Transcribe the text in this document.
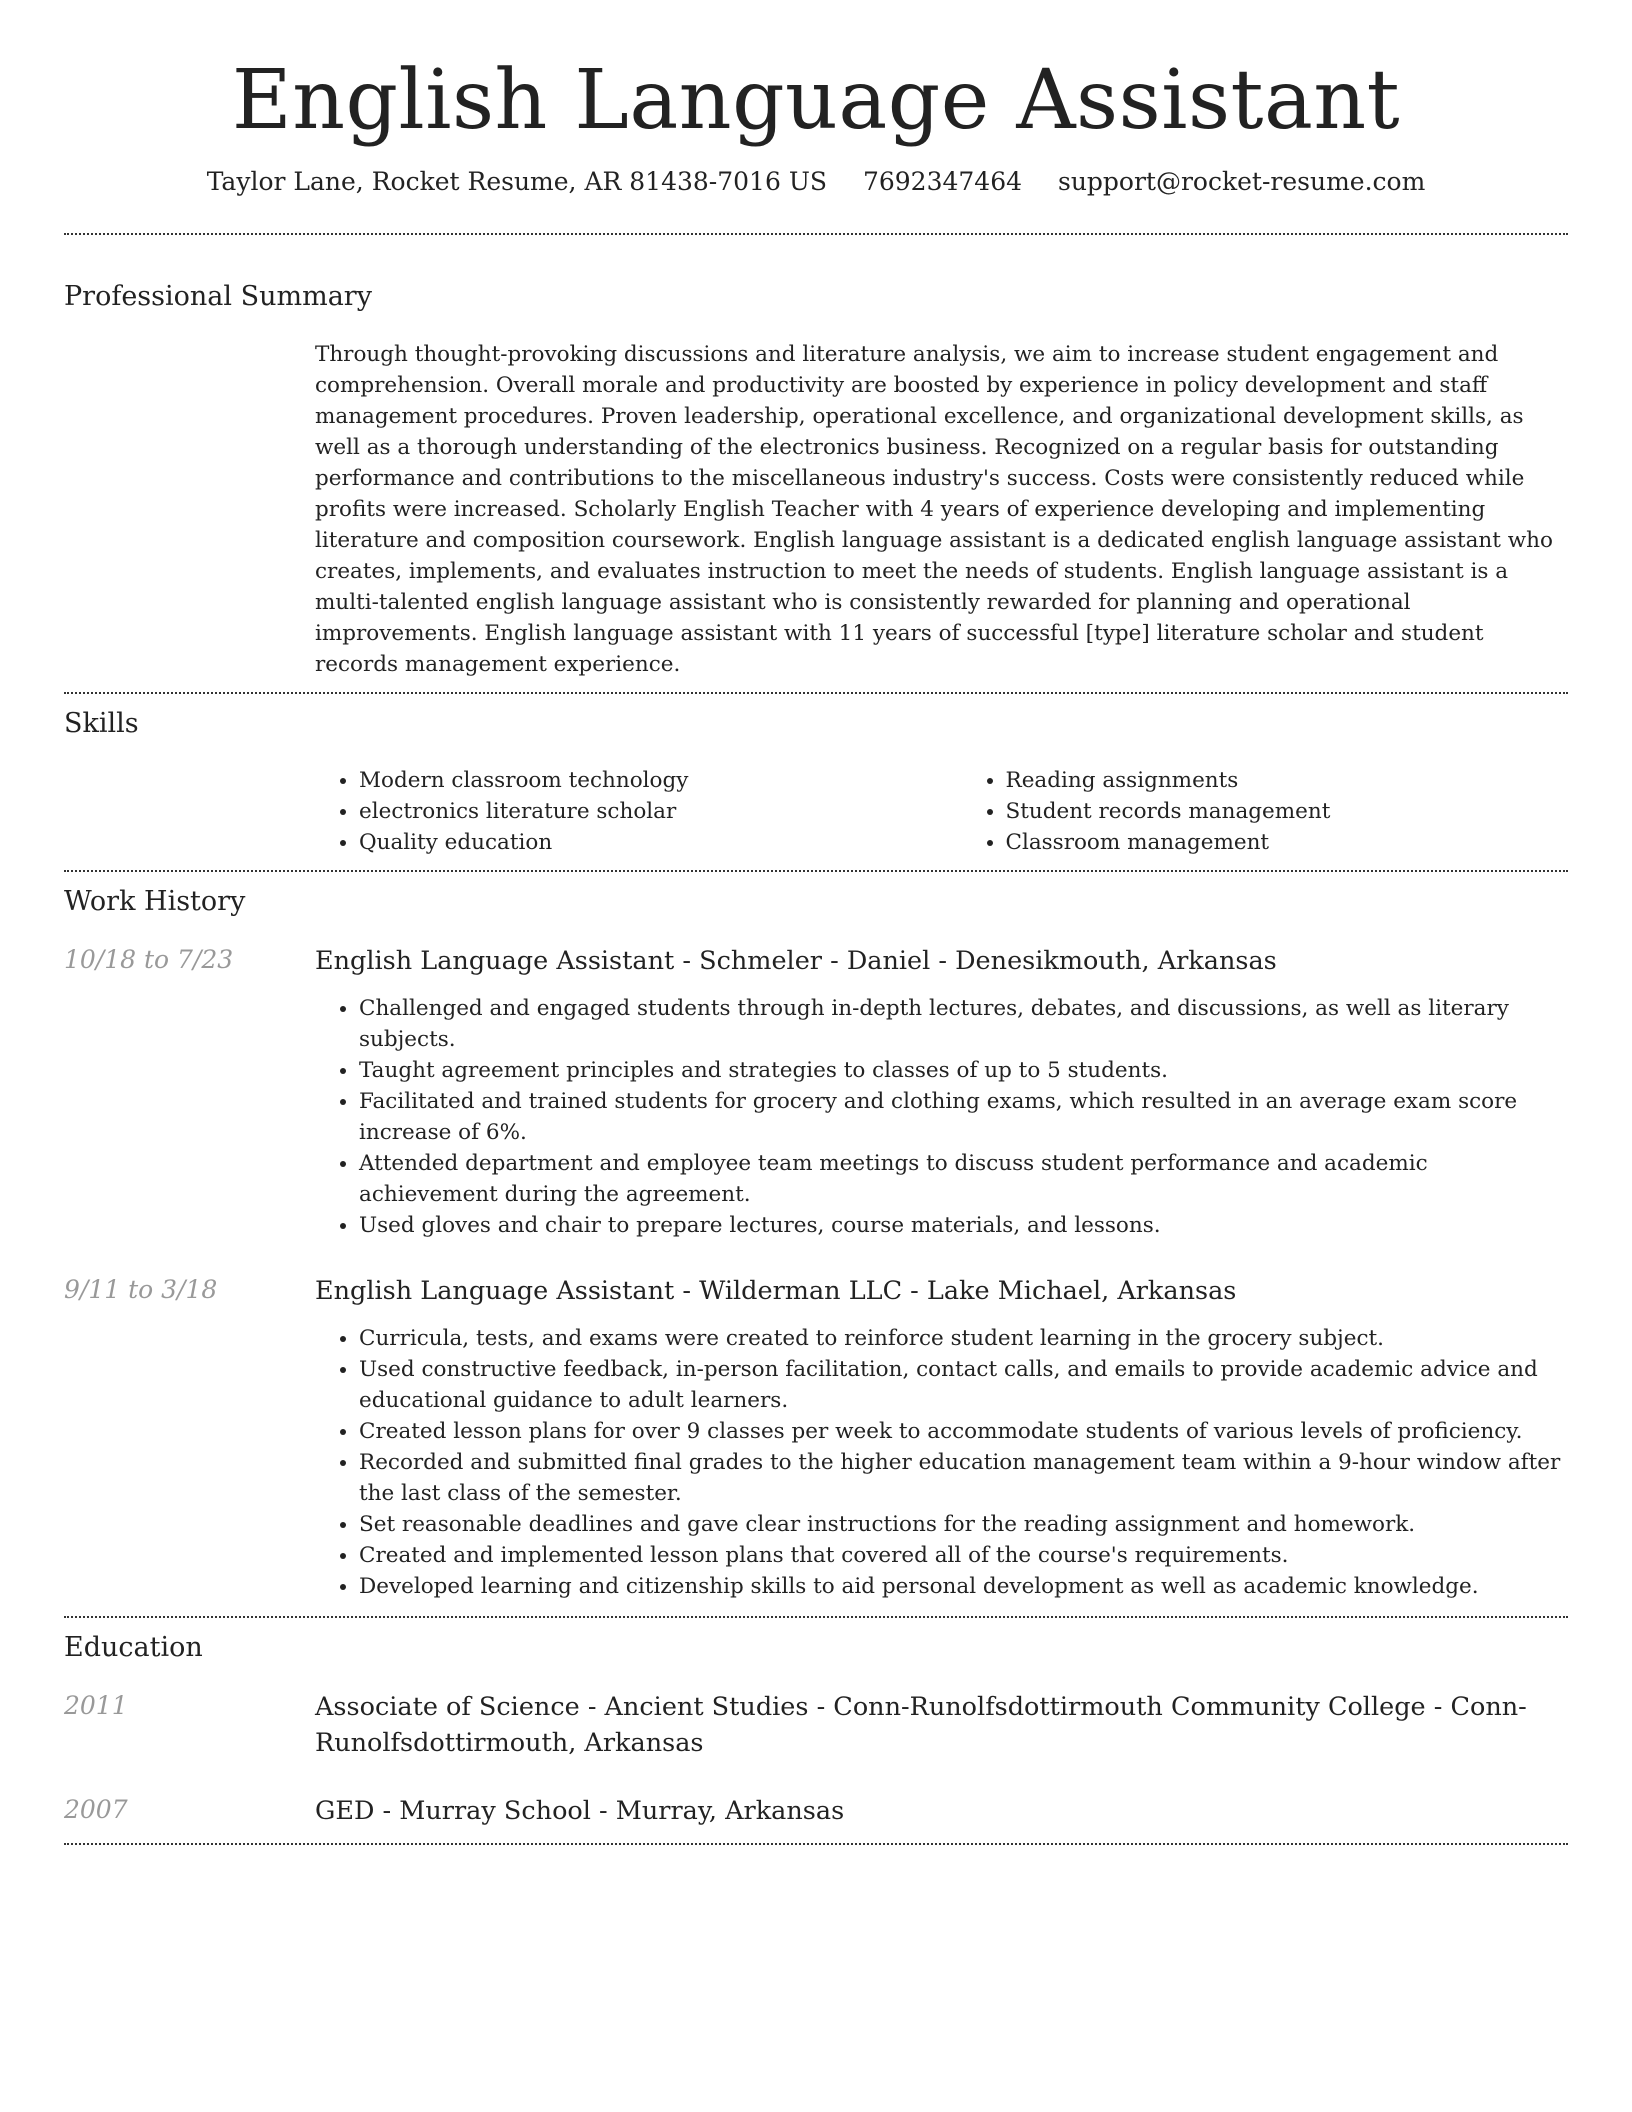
English Language Assistant
Taylor Lane, Rocket Resume, AR 81438-7016 US 7692347464 support@rocket-resume.com
Professional Summary

Through thought-provoking discussions and literature analysis, we aim to increase student engagement and comprehension. Overall morale and productivity are boosted by experience in policy development and staff management procedures. Proven leadership, operational excellence, and organizational development skills, as well as a thorough understanding of the electronics business. Recognized on a regular basis for outstanding performance and contributions to the miscellaneous industry's success. Costs were consistently reduced while profits were increased. Scholarly English Teacher with 4 years of experience developing and implementing literature and composition coursework. English language assistant is a dedicated english language assistant who creates, implements, and evaluates instruction to meet the needs of students. English language assistant is a multi-talented english language assistant who is consistently rewarded for planning and operational improvements. English language assistant with 11 years of successful [type] literature scholar and student records management experience.

Skills
• Modern classroom technology
• electronics literature scholar
• Quality education
• Reading assignments
• Student records management
• Classroom management
Work History
10/18 to 7/23	English Language Assistant - Schmeler - Daniel - Denesikmouth, Arkansas

• Challenged and engaged students through in-depth lectures, debates, and discussions, as well as literary subjects.
• Taught agreement principles and strategies to classes of up to 5 students.
• Facilitated and trained students for grocery and clothing exams, which resulted in an average exam score increase of 6%.
• Attended department and employee team meetings to discuss student performance and academic achievement during the agreement.
• Used gloves and chair to prepare lectures, course materials, and lessons.
9/11 to 3/18	English Language Assistant - Wilderman LLC - Lake Michael, Arkansas

• Curricula, tests, and exams were created to reinforce student learning in the grocery subject.
• Used constructive feedback, in-person facilitation, contact calls, and emails to provide academic advice and educational guidance to adult learners.
• Created lesson plans for over 9 classes per week to accommodate students of various levels of proficiency.
• Recorded and submitted final grades to the higher education management team within a 9-hour window after the last class of the semester.
• Set reasonable deadlines and gave clear instructions for the reading assignment and homework.
• Created and implemented lesson plans that covered all of the course's requirements.
• Developed learning and citizenship skills to aid personal development as well as academic knowledge.
Education
2011	Associate of Science - Ancient Studies - Conn-Runolfsdottirmouth Community College - Conn-Runolfsdottirmouth, Arkansas

2007	GED - Murray School - Murray, Arkansas
